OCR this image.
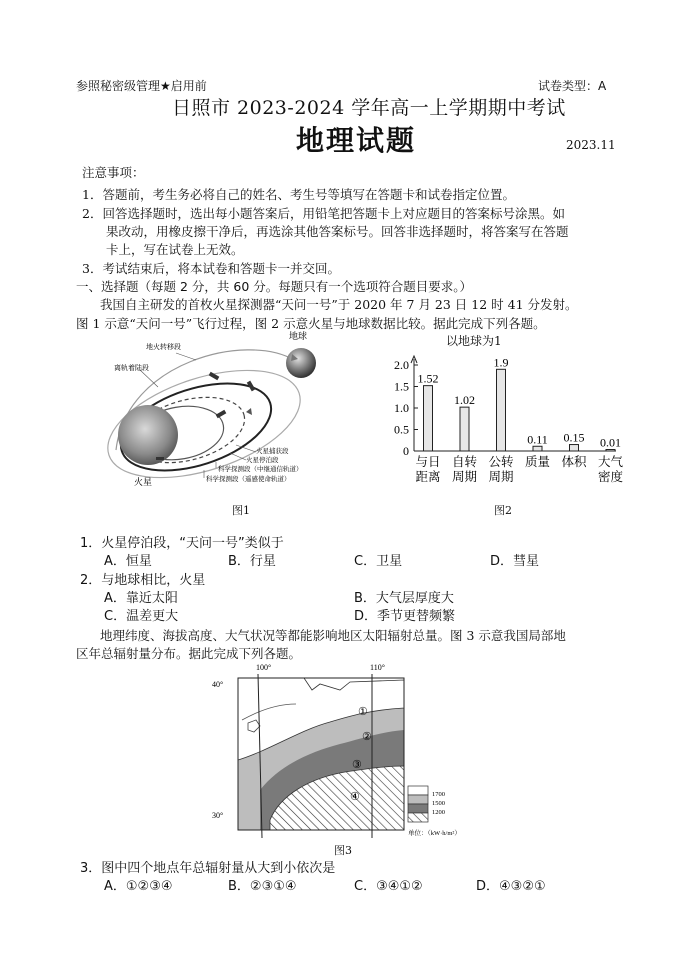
参照秘密级管理★启用前	试卷类型：A
日照市 2023-2024 学年高一上学期期中考试
地理试题	2023.11
注意事项：
1．答题前，考生务必将自己的姓名、考生号等填写在答题卡和试卷指定位置。
2．回答选择题时，选出每小题答案后，用铅笔把答题卡上对应题目的答案标号涂黑。如
果改动，用橡皮擦干净后，再选涂其他答案标号。回答非选择题时，将答案写在答题
卡上，写在试卷上无效。
3．考试结束后，将本试卷和答题卡一并交回。
一、选择题（每题 2 分，共 60 分。每题只有一个选项符合题目要求。）
我国自主研发的首枚火星探测器“天问一号”于 2020 年 7 月 23 日 12 时 41 分发射。
图 1 示意“天问一号”飞行过程，图 2 示意火星与地球数据比较。据此完成下列各题。
地火转移段
离轨着陆段
地球
火星捕获段
火星停泊段
科学探测段（中继通信轨道）
科学探测段（遥感使命轨道）
火星
图1
以地球为1
0
0.5
1.0
1.5
2.0
1.52
与日
距离
1.02
自转
周期
1.9
公转
周期
0.11
质量
0.15
体积
0.01
大气
密度
图2
1．火星停泊段，“天问一号”类似于
A．恒星	B．行星	C．卫星	D．彗星
2．与地球相比，火星
A．靠近太阳	B．大气层厚度大
C．温差更大	D．季节更替频繁
地理纬度、海拔高度、大气状况等都能影响地区太阳辐射总量。图 3 示意我国局部地
区年总辐射量分布。据此完成下列各题。
100°	110°
40°
30°
①
②
③
④	1700
1500
1200
单位：（kW·h/m²）
图3
3．图中四个地点年总辐射量从大到小依次是
A．①②③④	B．②③①④	C．③④①②	D．④③②①
